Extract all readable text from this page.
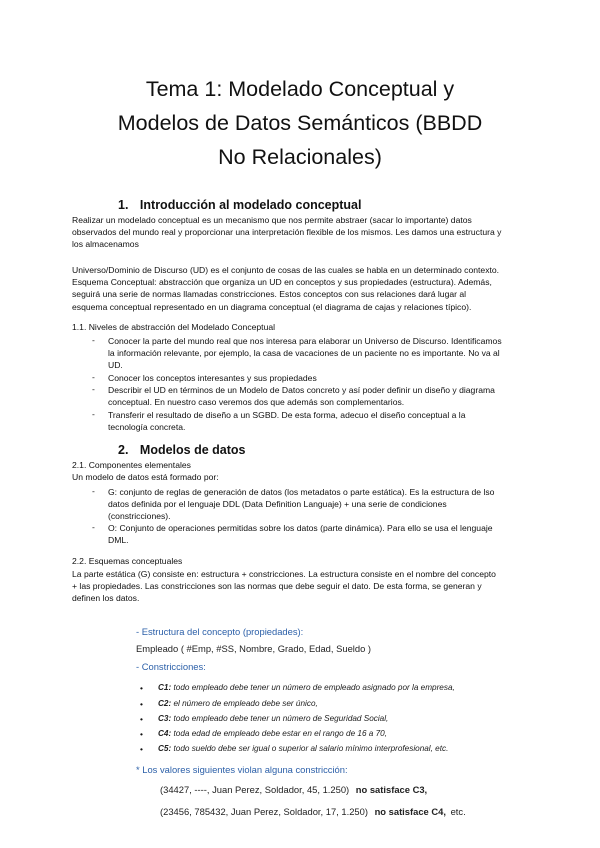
Tema 1: Modelado Conceptual y
Modelos de Datos Semánticos (BBDD
No Relacionales)
1. Introducción al modelado conceptual
Realizar un modelado conceptual es un mecanismo que nos permite abstraer (sacar lo importante) datos
observados del mundo real y proporcionar una interpretación flexible de los mismos. Les damos una estructura y
los almacenamos
Universo/Dominio de Discurso (UD) es el conjunto de cosas de las cuales se habla en un determinado contexto.
Esquema Conceptual: abstracción que organiza un UD en conceptos y sus propiedades (estructura). Además,
seguirá una serie de normas llamadas constricciones. Estos conceptos con sus relaciones dará lugar al
esquema conceptual representado en un diagrama conceptual (el diagrama de cajas y relaciones típico).
1.1. Niveles de abstracción del Modelado Conceptual
- Conocer la parte del mundo real que nos interesa para elaborar un Universo de Discurso. Identificamos
la información relevante, por ejemplo, la casa de vacaciones de un paciente no es importante. No va al
UD.
- Conocer los conceptos interesantes y sus propiedades
- Describir el UD en términos de un Modelo de Datos concreto y así poder definir un diseño y diagrama
conceptual. En nuestro caso veremos dos que además son complementarios.
- Transferir el resultado de diseño a un SGBD. De esta forma, adecuo el diseño conceptual a la
tecnología concreta.
2. Modelos de datos
2.1. Componentes elementales
Un modelo de datos está formado por:
- G: conjunto de reglas de generación de datos (los metadatos o parte estática). Es la estructura de lso
datos definida por el lenguaje DDL (Data Definition Languaje) + una serie de condiciones
(constricciones).
- O: Conjunto de operaciones permitidas sobre los datos (parte dinámica). Para ello se usa el lenguaje
DML.
2.2. Esquemas conceptuales
La parte estática (G) consiste en: estructura + constricciones. La estructura consiste en el nombre del concepto
+ las propiedades. Las constricciones son las normas que debe seguir el dato. De esta forma, se generan y
definen los datos.
- Estructura del concepto (propiedades):
Empleado ( #Emp, #SS, Nombre, Grado, Edad, Sueldo )
- Constricciones:
• C1: todo empleado debe tener un número de empleado asignado por la empresa,
• C2: el número de empleado debe ser único,
• C3: todo empleado debe tener un número de Seguridad Social,
• C4: toda edad de empleado debe estar en el rango de 16 a 70,
• C5: todo sueldo debe ser igual o superior al salario mínimo interprofesional, etc.
* Los valores siguientes violan alguna constricción:
(34427, ----, Juan Perez, Soldador, 45, 1.250) no satisface C3,
(23456, 785432, Juan Perez, Soldador, 17, 1.250) no satisface C4, etc.
